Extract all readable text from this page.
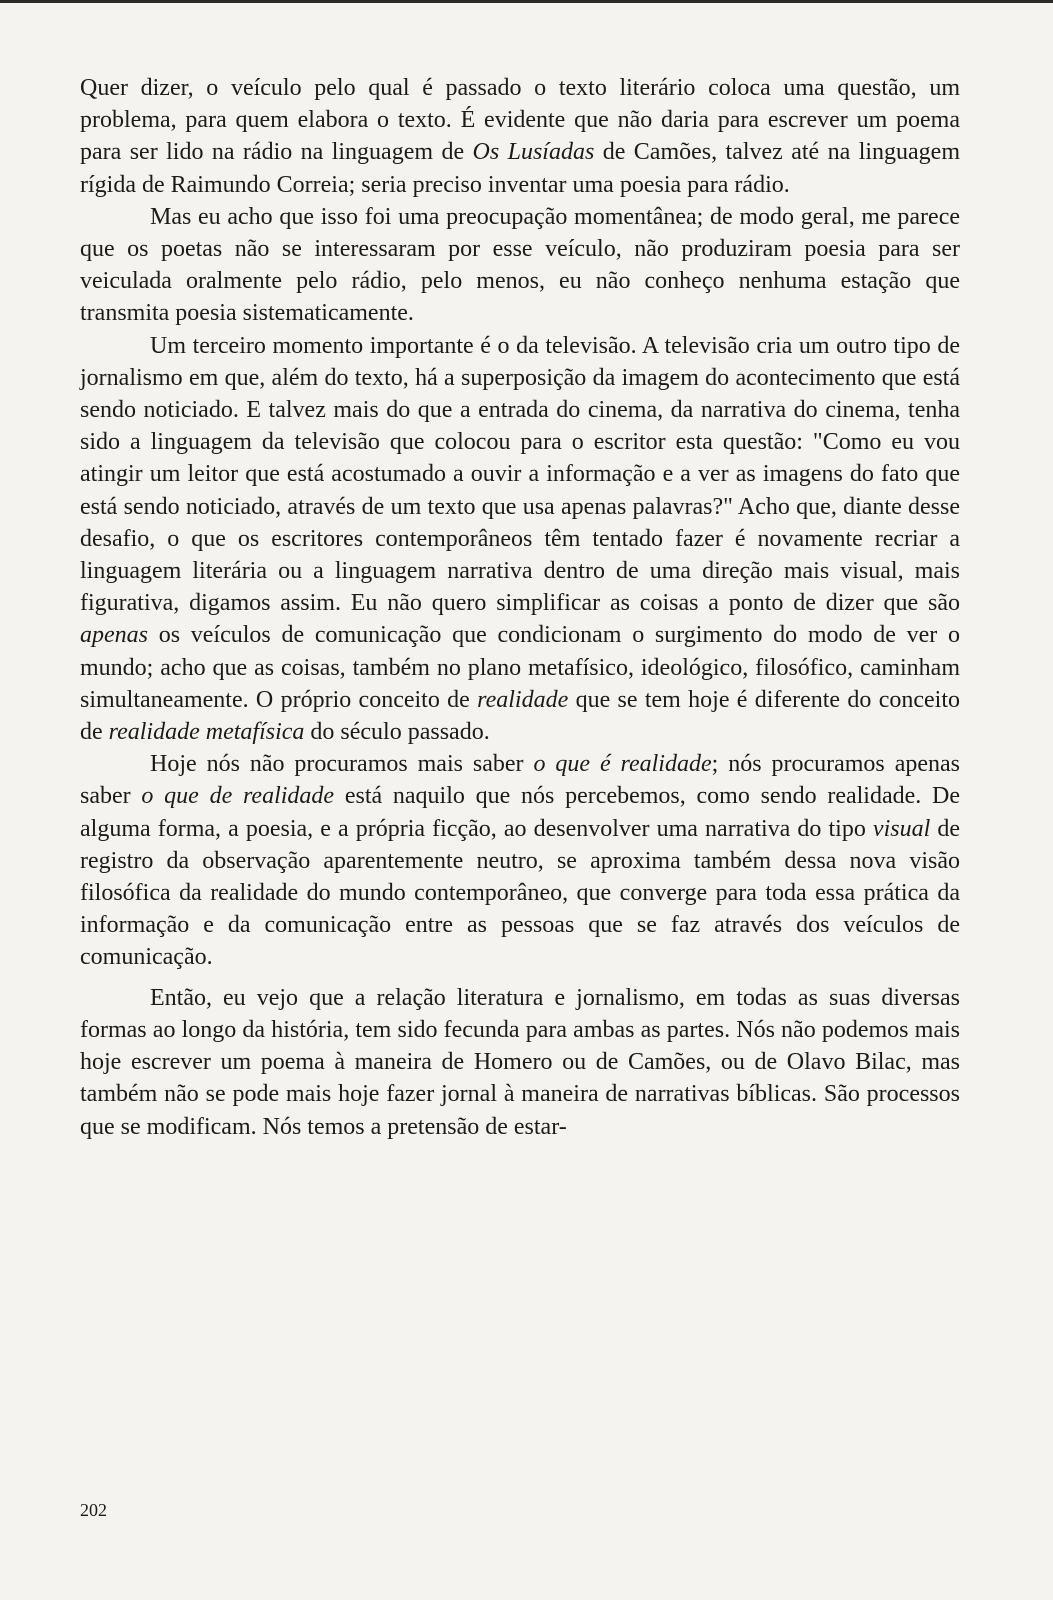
Quer dizer, o veículo pelo qual é passado o texto literário coloca uma questão, um problema, para quem elabora o texto. É evidente que não daria para escrever um poema para ser lido na rádio na linguagem de Os Lusíadas de Camões, talvez até na linguagem rígida de Raimundo Correia; seria preciso inventar uma poesia para rádio.

Mas eu acho que isso foi uma preocupação momentânea; de modo geral, me parece que os poetas não se interessaram por esse veículo, não produziram poesia para ser veiculada oralmente pelo rádio, pelo menos, eu não conheço nenhuma estação que transmita poesia sistematicamente.

Um terceiro momento importante é o da televisão. A televisão cria um outro tipo de jornalismo em que, além do texto, há a superposição da imagem do acontecimento que está sendo noticiado. E talvez mais do que a entrada do cinema, da narrativa do cinema, tenha sido a linguagem da televisão que colocou para o escritor esta questão: "Como eu vou atingir um leitor que está acostumado a ouvir a informação e a ver as imagens do fato que está sendo noticiado, através de um texto que usa apenas palavras?" Acho que, diante desse desafio, o que os escritores contemporâneos têm tentado fazer é novamente recriar a linguagem literária ou a linguagem narrativa dentro de uma direção mais visual, mais figurativa, digamos assim. Eu não quero simplificar as coisas a ponto de dizer que são apenas os veículos de comunicação que condicionam o surgimento do modo de ver o mundo; acho que as coisas, também no plano metafísico, ideológico, filosófico, caminham simultaneamente. O próprio conceito de realidade que se tem hoje é diferente do conceito de realidade metafísica do século passado.

Hoje nós não procuramos mais saber o que é realidade; nós procuramos apenas saber o que de realidade está naquilo que nós percebemos, como sendo realidade. De alguma forma, a poesia, e a própria ficção, ao desenvolver uma narrativa do tipo visual de registro da observação aparentemente neutro, se aproxima também dessa nova visão filosófica da realidade do mundo contemporâneo, que converge para toda essa prática da informação e da comunicação entre as pessoas que se faz através dos veículos de comunicação.

Então, eu vejo que a relação literatura e jornalismo, em todas as suas diversas formas ao longo da história, tem sido fecunda para ambas as partes. Nós não podemos mais hoje escrever um poema à maneira de Homero ou de Camões, ou de Olavo Bilac, mas também não se pode mais hoje fazer jornal à maneira de narrativas bíblicas. São processos que se modificam. Nós temos a pretensão de estar-

202
